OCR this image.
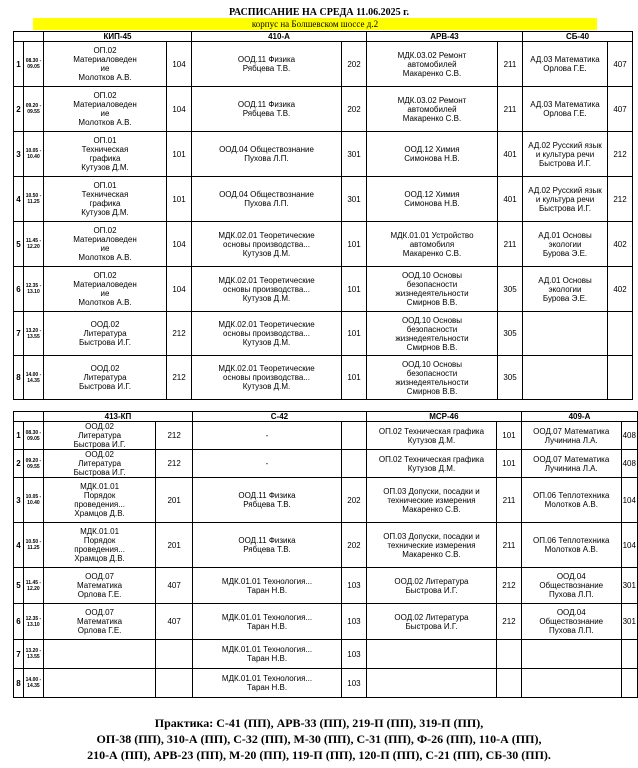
РАСПИСАНИЕ НА СРЕДА 11.06.2025 г.
корпус на Болшевском шоссе д.2
		КИП-45		410-А		АРВ-43		СБ-40	
1	08.30 -
09.05	ОП.02
Материаловеден
ие
Молотков А.В.	104	ООД.11 Физика
Рябцева Т.В.	202	МДК.03.02 Ремонт
автомобилей
Макаренко С.В.	211	АД.03 Математика
Орлова Г.Е.	407
2	09.20 -
09.55	ОП.02
Материаловеден
ие
Молотков А.В.	104	ООД.11 Физика
Рябцева Т.В.	202	МДК.03.02 Ремонт
автомобилей
Макаренко С.В.	211	АД.03 Математика
Орлова Г.Е.	407
3	10.05 -
10.40	ОП.01
Техническая
графика
Кутузов Д.М.	101	ООД.04 Обществознание
Пухова Л.П.	301	ООД.12 Химия
Симонова Н.В.	401	АД.02 Русский язык
и культура речи
Быстрова И.Г.	212
4	10.50 -
11.25	ОП.01
Техническая
графика
Кутузов Д.М.	101	ООД.04 Обществознание
Пухова Л.П.	301	ООД.12 Химия
Симонова Н.В.	401	АД.02 Русский язык
и культура речи
Быстрова И.Г.	212
5	11.45 -
12.20	ОП.02
Материаловеден
ие
Молотков А.В.	104	МДК.02.01 Теоретические
основы производства...
Кутузов Д.М.	101	МДК.01.01 Устройство
автомобиля
Макаренко С.В.	211	АД.01 Основы
экологии
Бурова Э.Е.	402
6	12.35 -
13.10	ОП.02
Материаловеден
ие
Молотков А.В.	104	МДК.02.01 Теоретические
основы производства...
Кутузов Д.М.	101	ООД.10 Основы
безопасности
жизнедеятельности
Смирнов В.В.	305	АД.01 Основы
экологии
Бурова Э.Е.	402
7	13.20 -
13.55	ООД.02
Литература
Быстрова И.Г.	212	МДК.02.01 Теоретические
основы производства...
Кутузов Д.М.	101	ООД.10 Основы
безопасности
жизнедеятельности
Смирнов В.В.	305		
8	14.00 -
14.35	ООД.02
Литература
Быстрова И.Г.	212	МДК.02.01 Теоретические
основы производства...
Кутузов Д.М.	101	ООД.10 Основы
безопасности
жизнедеятельности
Смирнов В.В.	305		
		413-КП		С-42		МСР-46		409-А	
1	08.30 -
09.05	ООД.02
Литература
Быстрова И.Г.	212	-		ОП.02 Техническая графика
Кутузов Д.М.	101	ООД.07 Математика
Лучинина Л.А.	408
2	09.20 -
09.55	ООД.02
Литература
Быстрова И.Г.	212	-		ОП.02 Техническая графика
Кутузов Д.М.	101	ООД.07 Математика
Лучинина Л.А.	408
3	10.05 -
10.40	МДК.01.01
Порядок
проведения...
Храмцов Д.В.	201	ООД.11 Физика
Рябцева Т.В.	202	ОП.03 Допуски, посадки и
технические измерения
Макаренко С.В.	211	ОП.06 Теплотехника
Молотков А.В.	104
4	10.50 -
11.25	МДК.01.01
Порядок
проведения...
Храмцов Д.В.	201	ООД.11 Физика
Рябцева Т.В.	202	ОП.03 Допуски, посадки и
технические измерения
Макаренко С.В.	211	ОП.06 Теплотехника
Молотков А.В.	104
5	11.45 -
12.20	ООД.07
Математика
Орлова Г.Е.	407	МДК.01.01 Технология...
Таран Н.В.	103	ООД.02 Литература
Быстрова И.Г.	212	ООД.04
Обществознание
Пухова Л.П.	301
6	12.35 -
13.10	ООД.07
Математика
Орлова Г.Е.	407	МДК.01.01 Технология...
Таран Н.В.	103	ООД.02 Литература
Быстрова И.Г.	212	ООД.04
Обществознание
Пухова Л.П.	301
7	13.20 -
13.55			МДК.01.01 Технология...
Таран Н.В.	103				
8	14.00 -
14.35			МДК.01.01 Технология...
Таран Н.В.	103				
Практика: С-41 (ПП), АРВ-33 (ПП), 219-П (ПП), 319-П (ПП),
ОП-38 (ПП), 310-А (ПП), С-32 (ПП), М-30 (ПП), С-31 (ПП), Ф-26 (ПП), 110-А (ПП),
210-А (ПП), АРВ-23 (ПП), М-20 (ПП), 119-П (ПП), 120-П (ПП), С-21 (ПП), СБ-30 (ПП).
